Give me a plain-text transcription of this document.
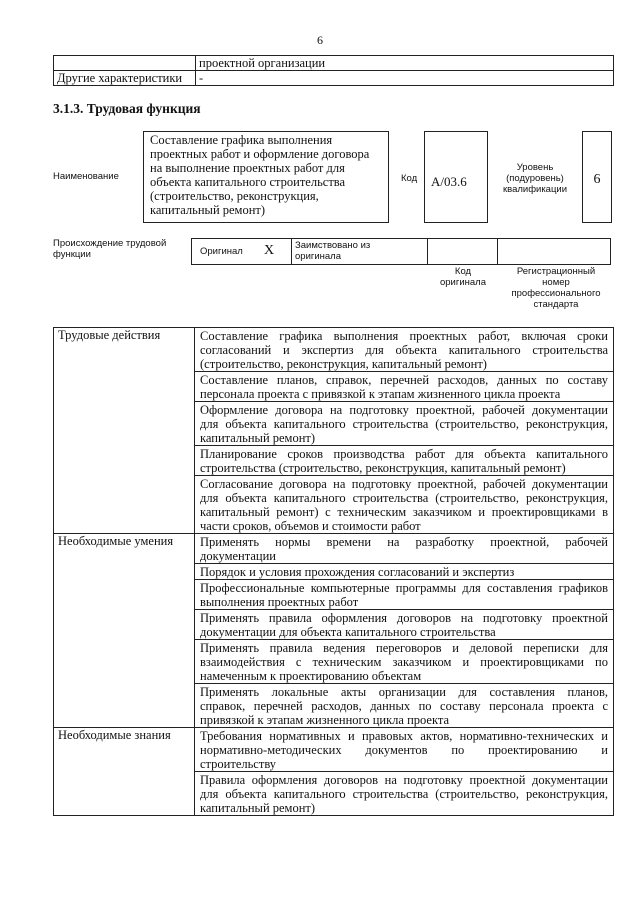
6
	проектной организации
Другие характеристики	-
3.1.3. Трудовая функция
Наименование
Составление графика выполнения
проектных работ и оформление договора
на выполнение проектных работ для
объекта капитального строительства
(строительство, реконструкция,
капитальный ремонт)
Код	А/03.6
Уровень
(подуровень)
квалификации
6
Происхождение трудовой
функции	Оригинал X Заимствовано из
оригинала
Код
оригинала
Регистрационный
номер
профессионального
стандарта
Трудовые действия	Составление графика выполнения проектных работ, включая сроки
согласований и экспертиз для объекта капитального строительства
(строительство, реконструкция, капитальный ремонт)

	Составление планов, справок, перечней расходов, данных по составу
персонала проекта с привязкой к этапам жизненного цикла проекта

	Оформление договора на подготовку проектной, рабочей документации
для объекта капитального строительства (строительство, реконструкция,
капитальный ремонт)

	Планирование сроков производства работ для объекта капитального
строительства (строительство, реконструкция, капитальный ремонт)

	Согласование договора на подготовку проектной, рабочей документации
для объекта капитального строительства (строительство, реконструкция,
капитальный ремонт) с техническим заказчиком и проектировщиками в
части сроков, объемов и стоимости работ

Необходимые умения	Применять нормы времени на разработку проектной, рабочей
документации

	Порядок и условия прохождения согласований и экспертиз

	Профессиональные компьютерные программы для составления графиков
выполнения проектных работ

	Применять правила оформления договоров на подготовку проектной
документации для объекта капитального строительства

	Применять правила ведения переговоров и деловой переписки для
взаимодействия с техническим заказчиком и проектировщиками по
намеченным к проектированию объектам

	Применять локальные акты организации для составления планов,
справок, перечней расходов, данных по составу персонала проекта с
привязкой к этапам жизненного цикла проекта

Необходимые знания	Требования нормативных и правовых актов, нормативно-технических и
нормативно-методических документов по проектированию и
строительству

	Правила оформления договоров на подготовку проектной документации
для объекта капитального строительства (строительство, реконструкция,
капитальный ремонт)
